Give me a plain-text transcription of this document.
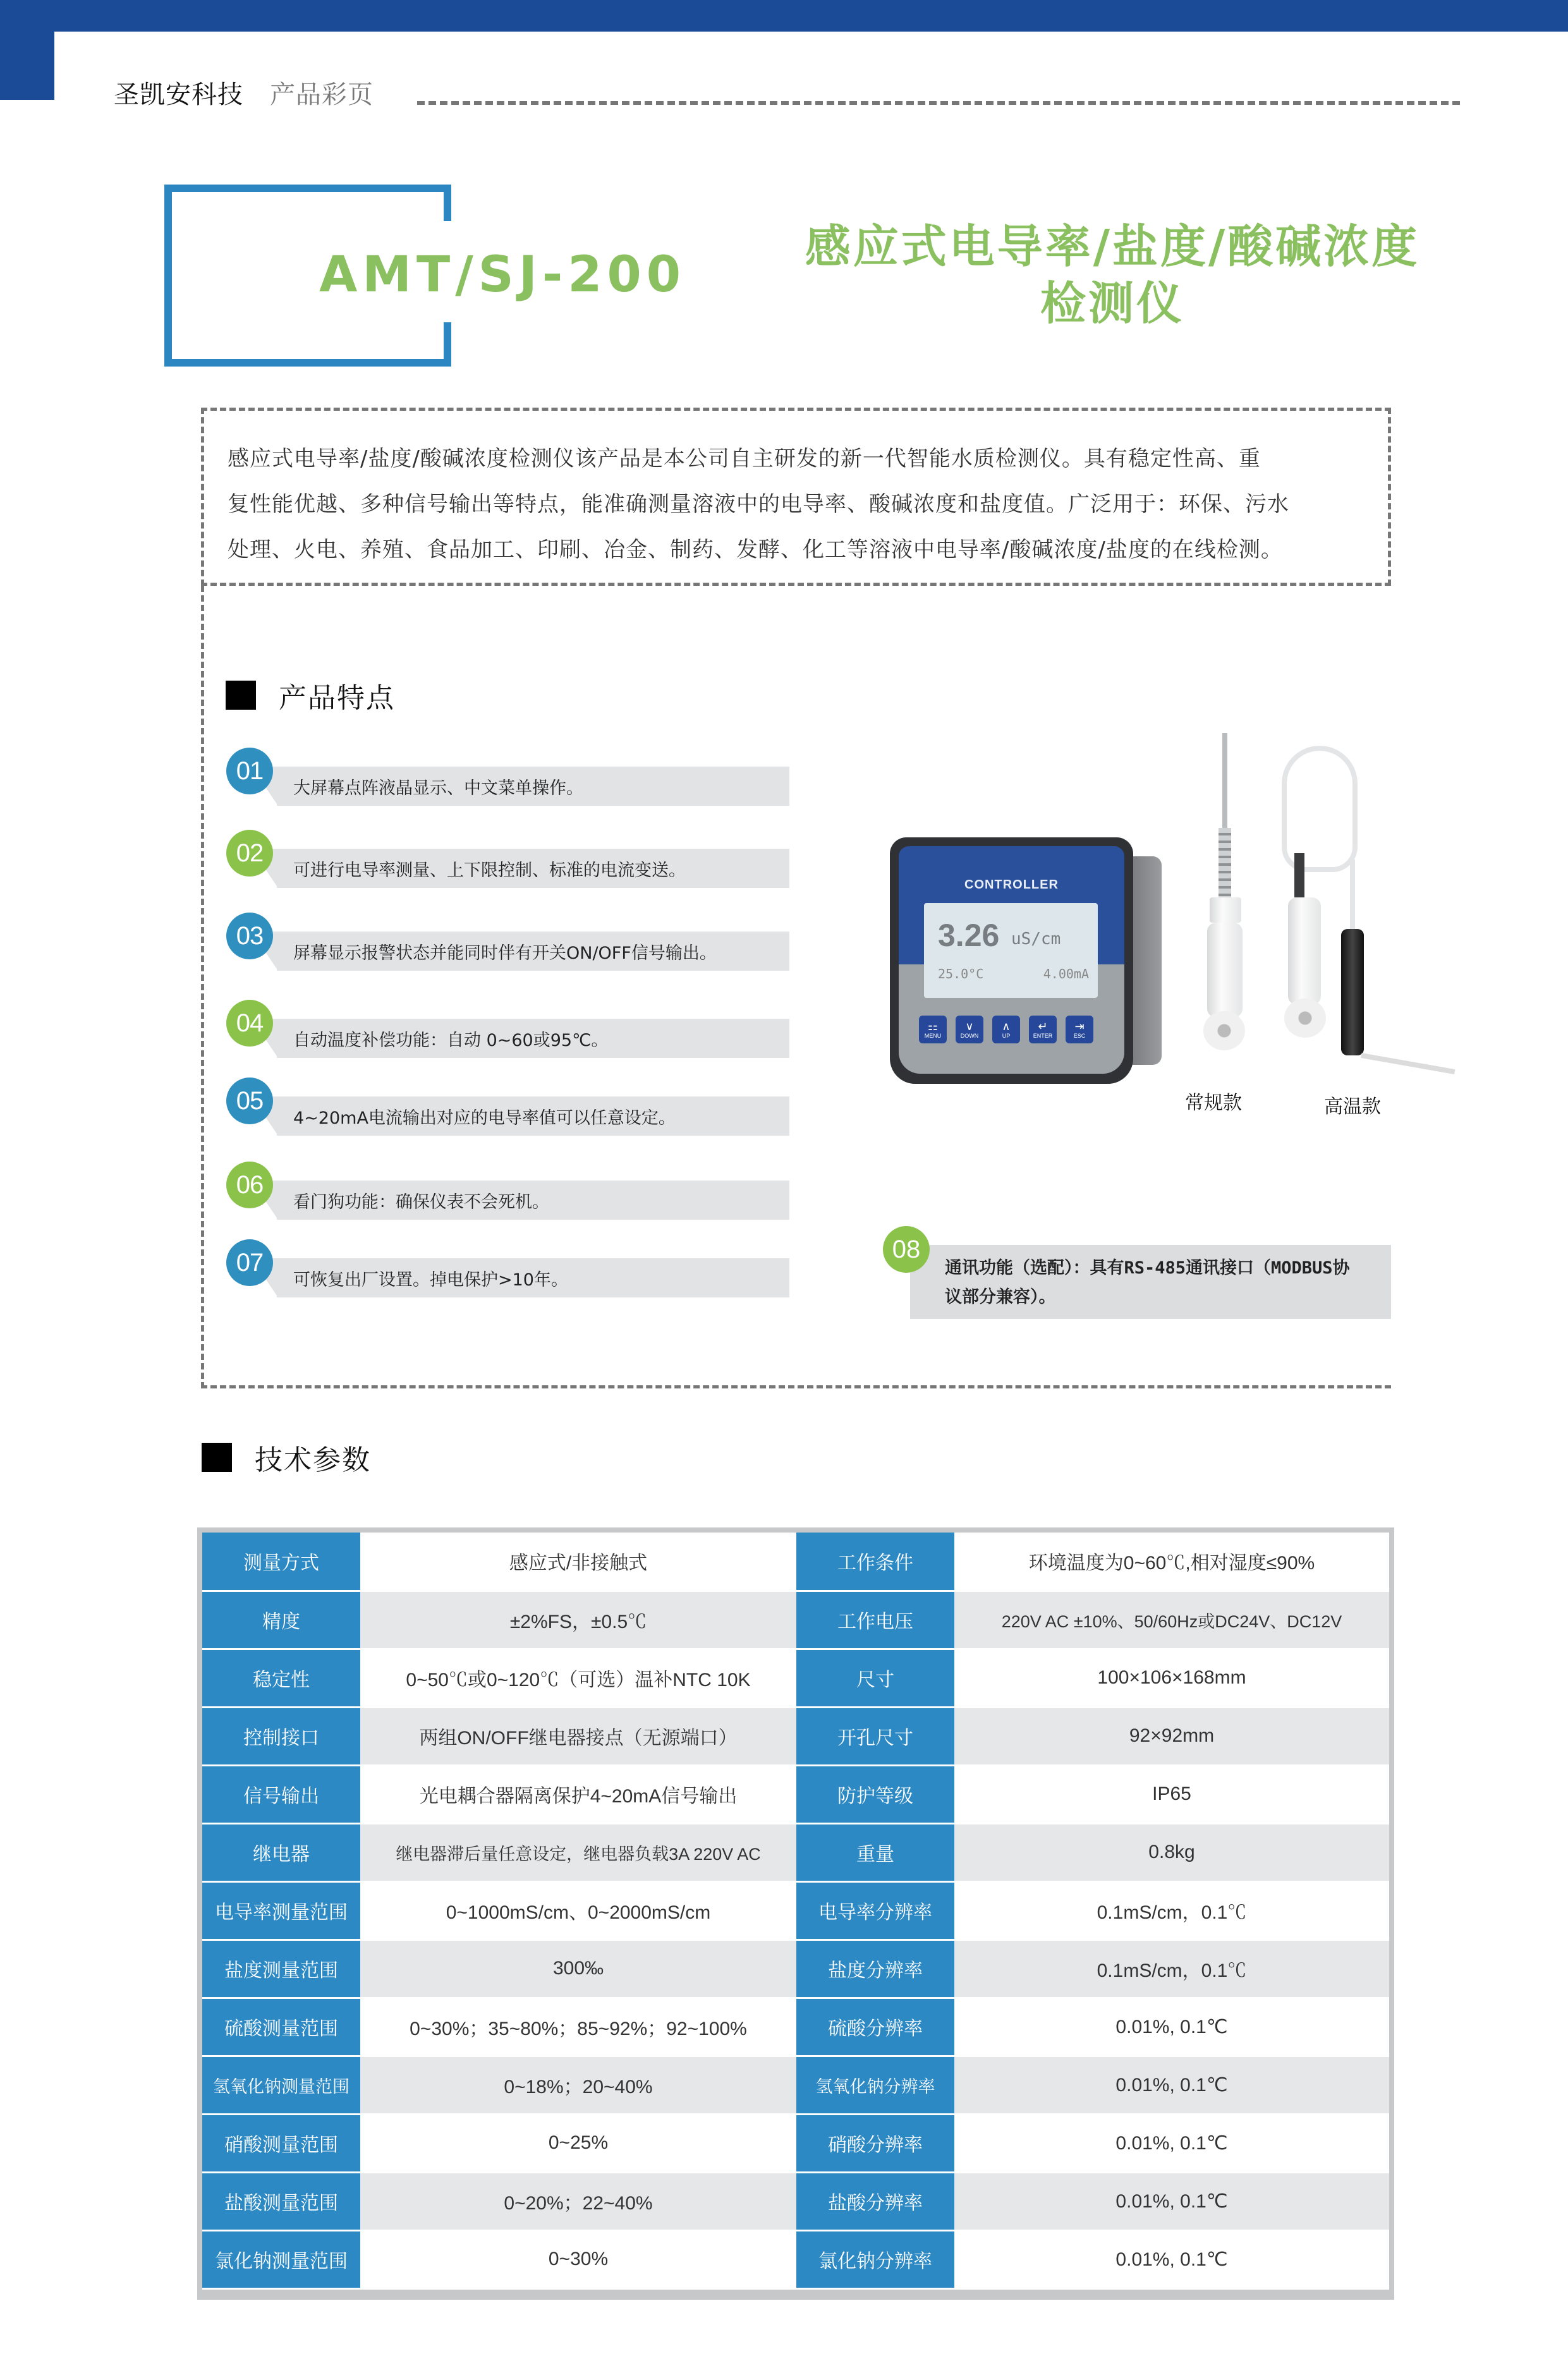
圣凯安科技 产品彩页
AMT/SJ-200	感应式电导率/盐度/酸碱浓度
检测仪
感应式电导率/盐度/酸碱浓度检测仪该产品是本公司自主研发的新一代智能水质检测仪。具有稳定性高、重
复性能优越、多种信号输出等特点，能准确测量溶液中的电导率、酸碱浓度和盐度值。广泛用于：环保、污水
处理、火电、养殖、食品加工、印刷、冶金、制药、发酵、化工等溶液中电导率/酸碱浓度/盐度的在线检测。
产品特点
01
大屏幕点阵液晶显示、中文菜单操作。
02
可进行电导率测量、上下限控制、标准的电流变送。
03
屏幕显示报警状态并能同时伴有开关ON/OFF信号输出。
04
自动温度补偿功能：自动 0~60或95℃。
05
4~20mA电流输出对应的电导率值可以任意设定。
06
看门狗功能：确保仪表不会死机。
07
可恢复出厂设置。掉电保护>10年。
CONTROLLER
3.26 uS/cm
25.0°C	4.00mA
⚏
MENU
∨
DOWN
∧
UP
↵
ENTER
⇥
ESC
常规款	高温款
08
通讯功能（选配）：具有RS-485通讯接口（MODBUS协
议部分兼容）。
技术参数
测量方式	感应式/非接触式	工作条件	环境温度为0~60℃,相对湿度≤90%
精度	±2%FS，±0.5℃	工作电压	220V AC ±10%、50/60Hz或DC24V、DC12V
稳定性	0~50℃或0~120℃（可选）温补NTC 10K	尺寸	100×106×168mm
控制接口	两组ON/OFF继电器接点（无源端口）	开孔尺寸	92×92mm
信号输出	光电耦合器隔离保护4~20mA信号输出	防护等级	IP65
继电器	继电器滞后量任意设定，继电器负载3A 220V AC	重量	0.8kg
电导率测量范围	0~1000mS/cm、0~2000mS/cm	电导率分辨率	0.1mS/cm，0.1℃
盐度测量范围	300‰	盐度分辨率	0.1mS/cm，0.1℃
硫酸测量范围	0~30%；35~80%；85~92%；92~100%	硫酸分辨率	0.01%, 0.1℃
氢氧化钠测量范围	0~18%；20~40%	氢氧化钠分辨率	0.01%, 0.1℃
硝酸测量范围	0~25%	硝酸分辨率	0.01%, 0.1℃
盐酸测量范围	0~20%；22~40%	盐酸分辨率	0.01%, 0.1℃
氯化钠测量范围	0~30%	氯化钠分辨率	0.01%, 0.1℃
